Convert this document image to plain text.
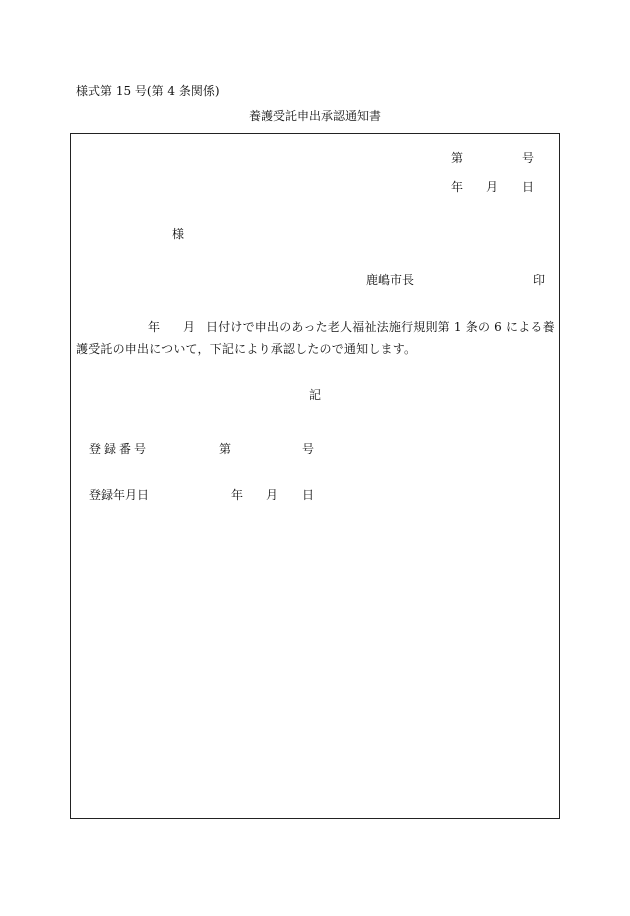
様式第 15 号(第 4 条関係)
養護受託申出承認通知書
第	号
年 月 日
様
鹿嶋市長	印
年 月 日付けで申出のあった老人福祉法施行規則第 1 条の 6 による養
護受託の申出について，下記により承認したので通知します。
記
登録番号	第	号
登録年月日	年 月 日
